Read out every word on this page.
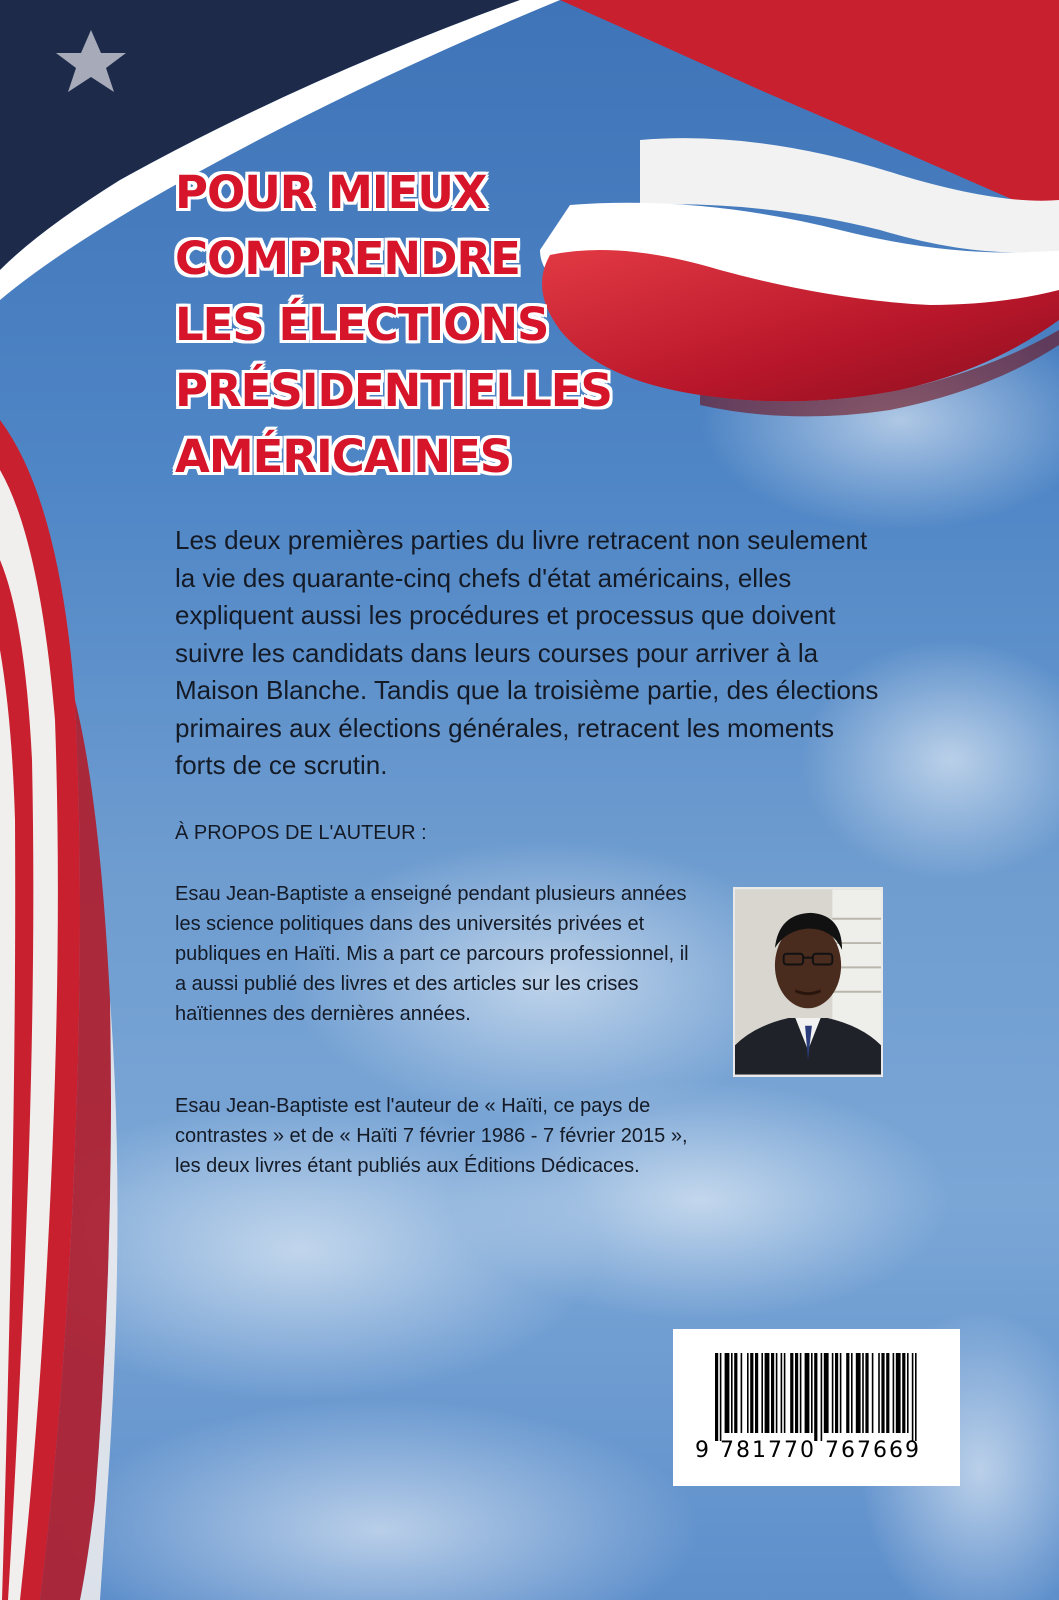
POUR MIEUX
COMPRENDRE
LES ÉLECTIONS
PRÉSIDENTIELLES
AMÉRICAINES

Les deux premières parties du livre retracent non seulement la vie des quarante-cinq chefs d'état américains, elles expliquent aussi les procédures et processus que doivent suivre les candidats dans leurs courses pour arriver à la Maison Blanche. Tandis que la troisième partie, des élections primaires aux élections générales, retracent les moments forts de ce scrutin.

À PROPOS DE L'AUTEUR :

Esau Jean-Baptiste a enseigné pendant plusieurs années les science politiques dans des universités privées et publiques en Haïti. Mis a part ce parcours professionnel, il a aussi publié des livres et des articles sur les crises haïtiennes des dernières années.

Esau Jean-Baptiste est l'auteur de « Haïti, ce pays de contrastes » et de « Haïti 7 février 1986 - 7 février 2015 », les deux livres étant publiés aux Éditions Dédicaces.

9 781770 767669
